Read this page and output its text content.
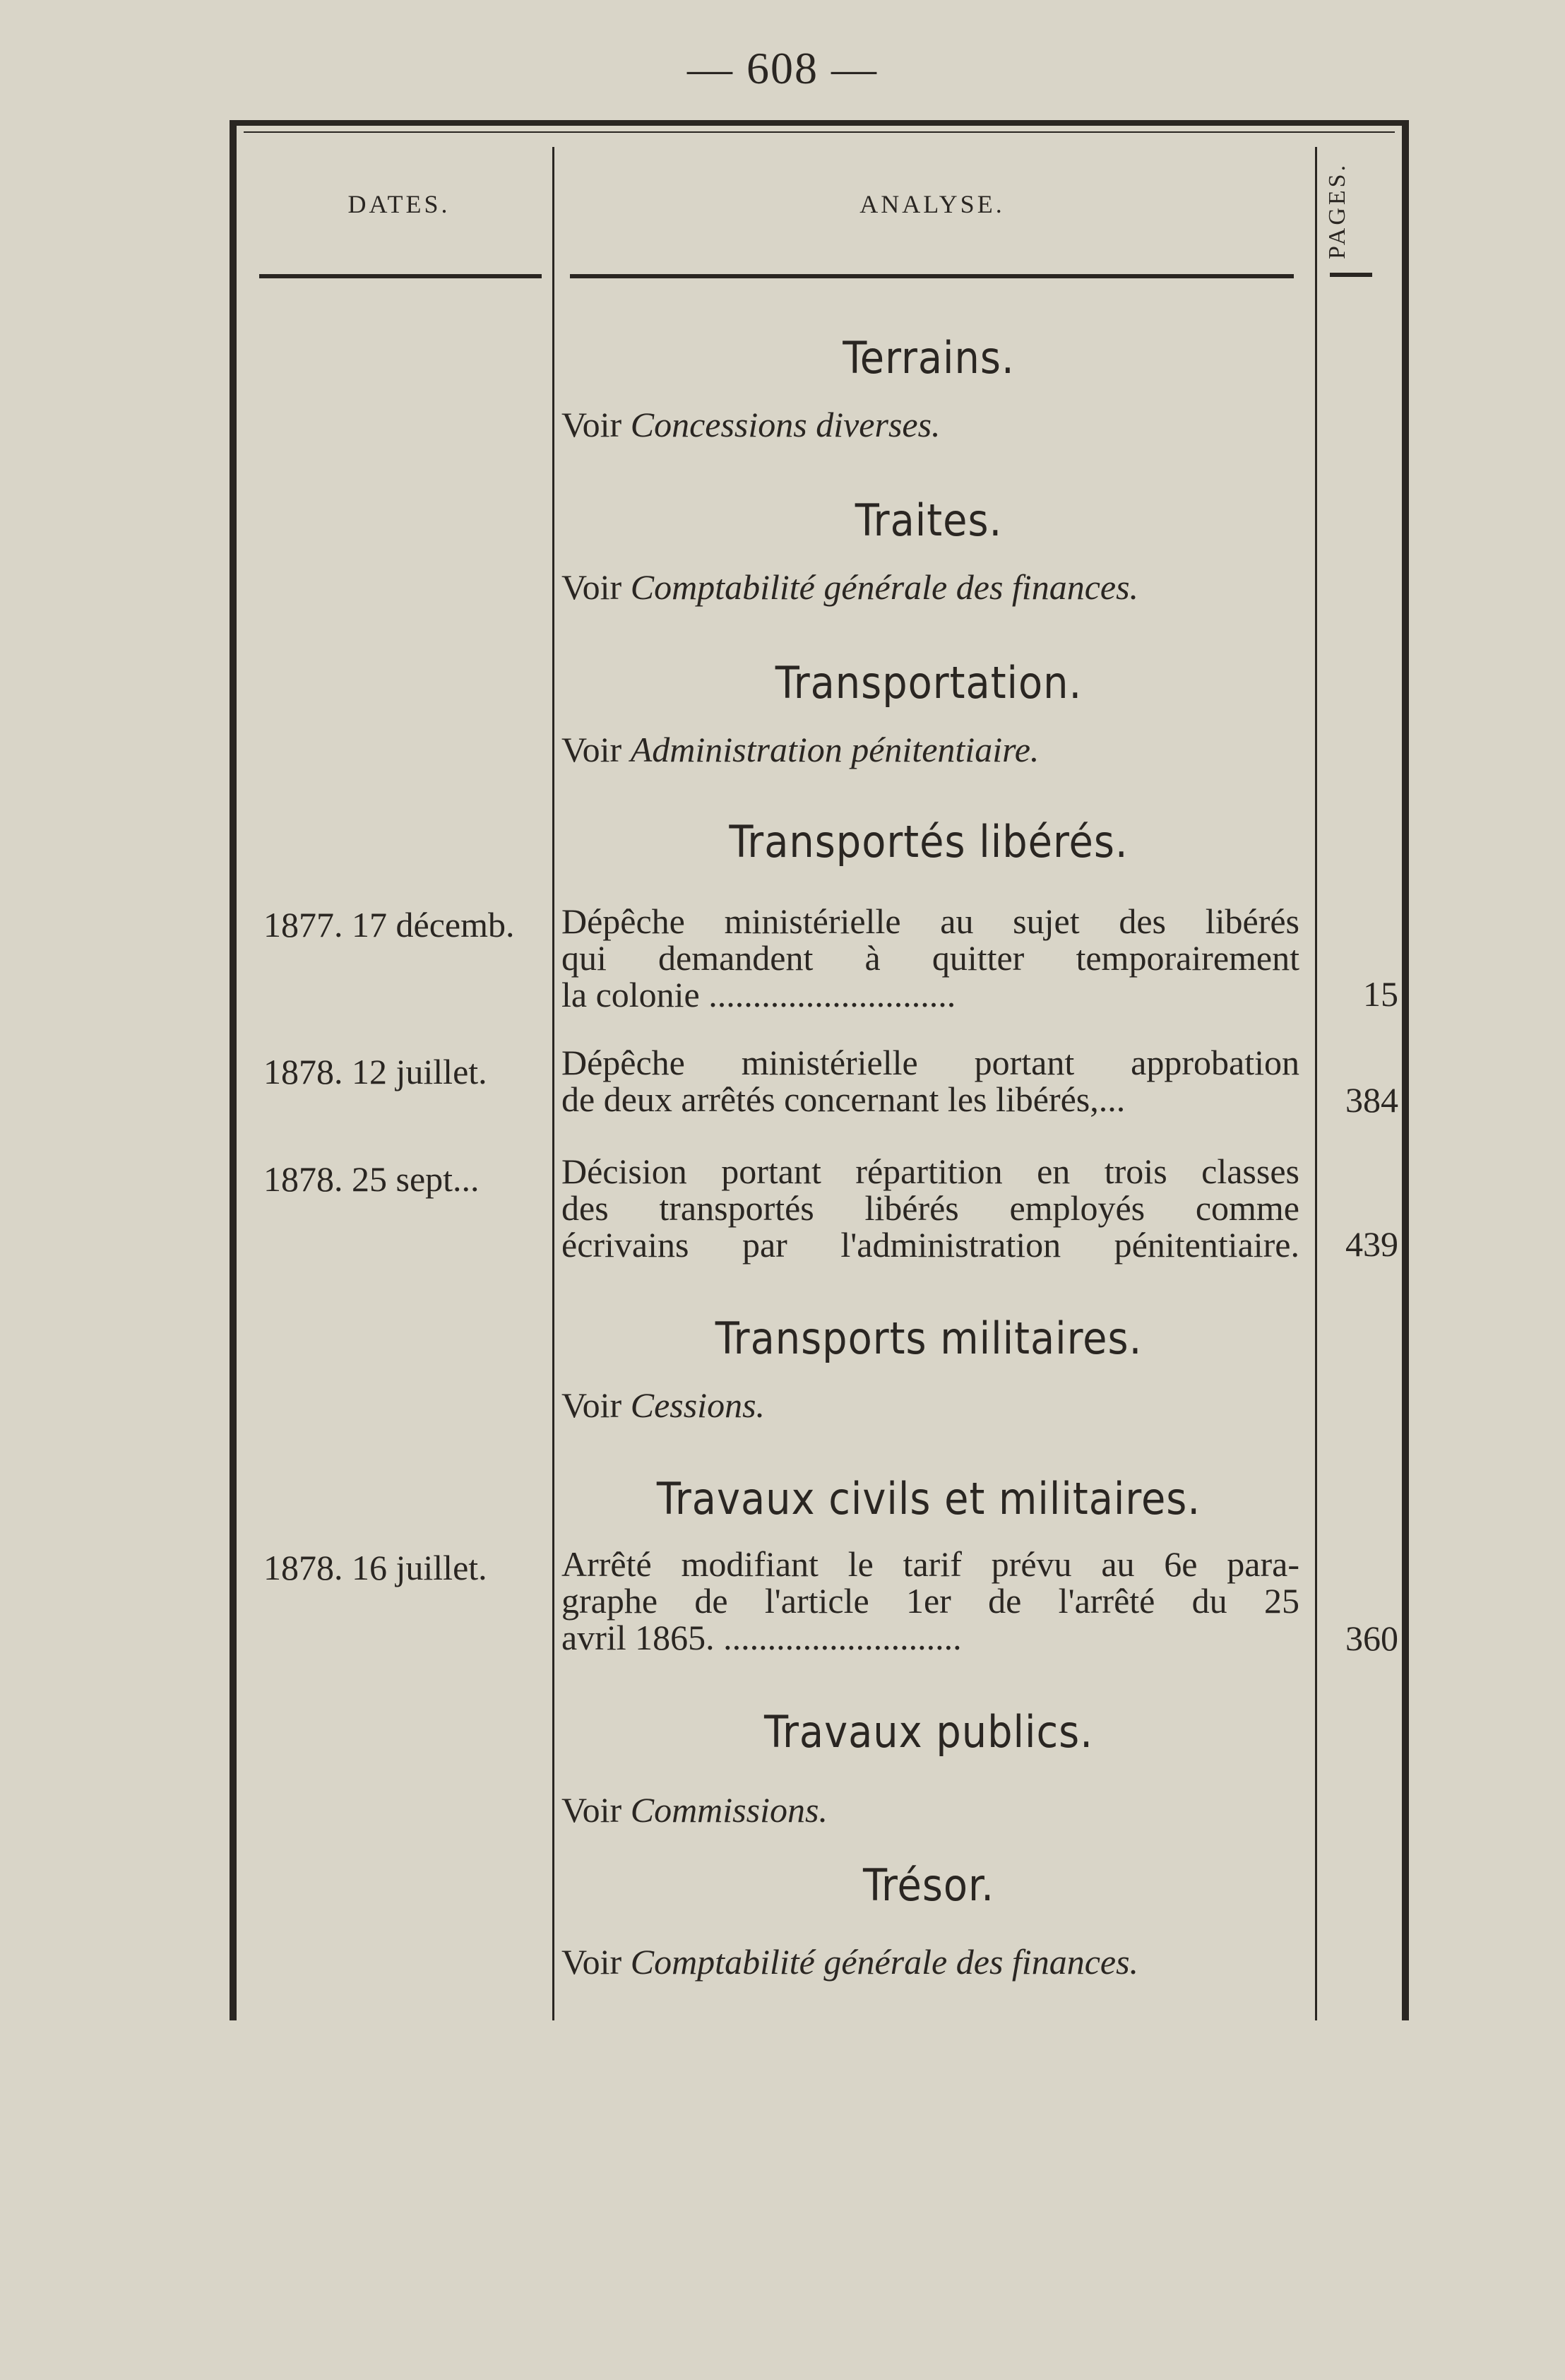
— 608 —
DATES.	ANALYSE.	PAGES.
Terrains.
Voir Concessions diverses.
Traites.
Voir Comptabilité générale des finances.
Transportation.
Voir Administration pénitentiaire.
Transportés libérés.
1877. 17 décemb.	Dépêche ministérielle au sujet des libérés
qui demandent à quitter temporairement
la colonie ............................	15
1878. 12 juillet.	Dépêche ministérielle portant approbation
de deux arrêtés concernant les libérés,...	384
1878. 25 sept...	Décision portant répartition en trois classes
des transportés libérés employés comme
écrivains par l'administration pénitentiaire.	439
Transports militaires.
Voir Cessions.
Travaux civils et militaires.
1878. 16 juillet.	Arrêté modifiant le tarif prévu au 6e para-
graphe de l'article 1er de l'arrêté du 25
avril 1865. ...........................	360
Travaux publics.
Voir Commissions.
Trésor.
Voir Comptabilité générale des finances.
